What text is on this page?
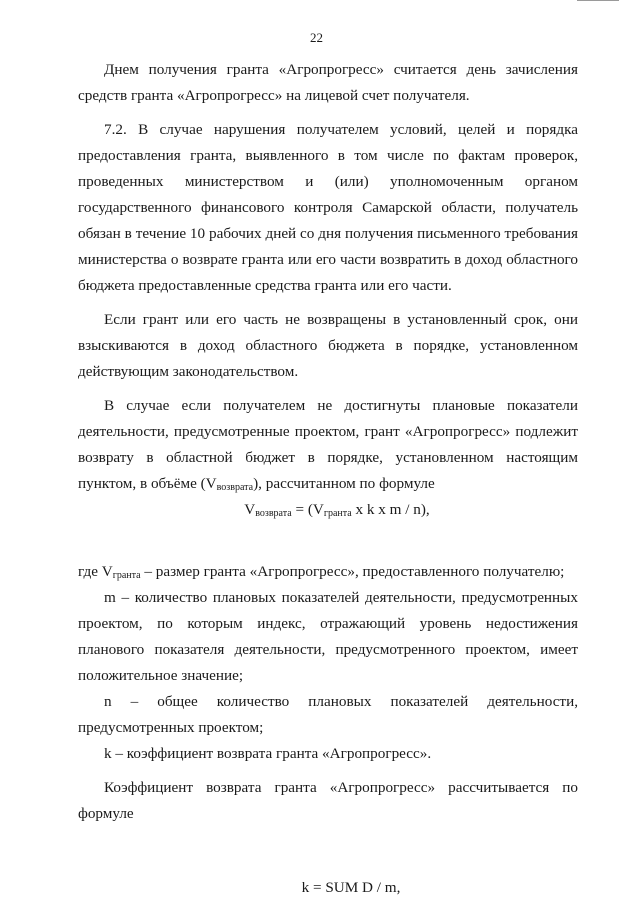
22

Днем получения гранта «Агропрогресс» считается день зачисления средств гранта «Агропрогресс» на лицевой счет получателя.

7.2. В случае нарушения получателем условий, целей и порядка предоставления гранта, выявленного в том числе по фактам проверок, проведенных министерством и (или) уполномоченным органом государственного финансового контроля Самарской области, получатель обязан в течение 10 рабочих дней со дня получения письменного требования министерства о возврате гранта или его части возвратить в доход областного бюджета предоставленные средства гранта или его части.

Если грант или его часть не возвращены в установленный срок, они взыскиваются в доход областного бюджета в порядке, установленном действующим законодательством.

В случае если получателем не достигнуты плановые показатели деятельности, предусмотренные проектом, грант «Агропрогресс» подлежит возврату в областной бюджет в порядке, установленном настоящим пунктом, в объёме $(V_{возврата})$, рассчитанном по формуле

$V_{возврата} = (V_{гранта}$ х k х m / n),

где $V_{гранта}$ – размер гранта «Агропрогресс», предоставленного получателю;

m – количество плановых показателей деятельности, предусмотренных проектом, по которым индекс, отражающий уровень недостижения планового показателя деятельности, предусмотренного проектом, имеет положительное значение;

n – общее количество плановых показателей деятельности, предусмотренных проектом;

k – коэффициент возврата гранта «Агропрогресс».

Коэффициент возврата гранта «Агропрогресс» рассчитывается по формуле

k = SUM D / m,
